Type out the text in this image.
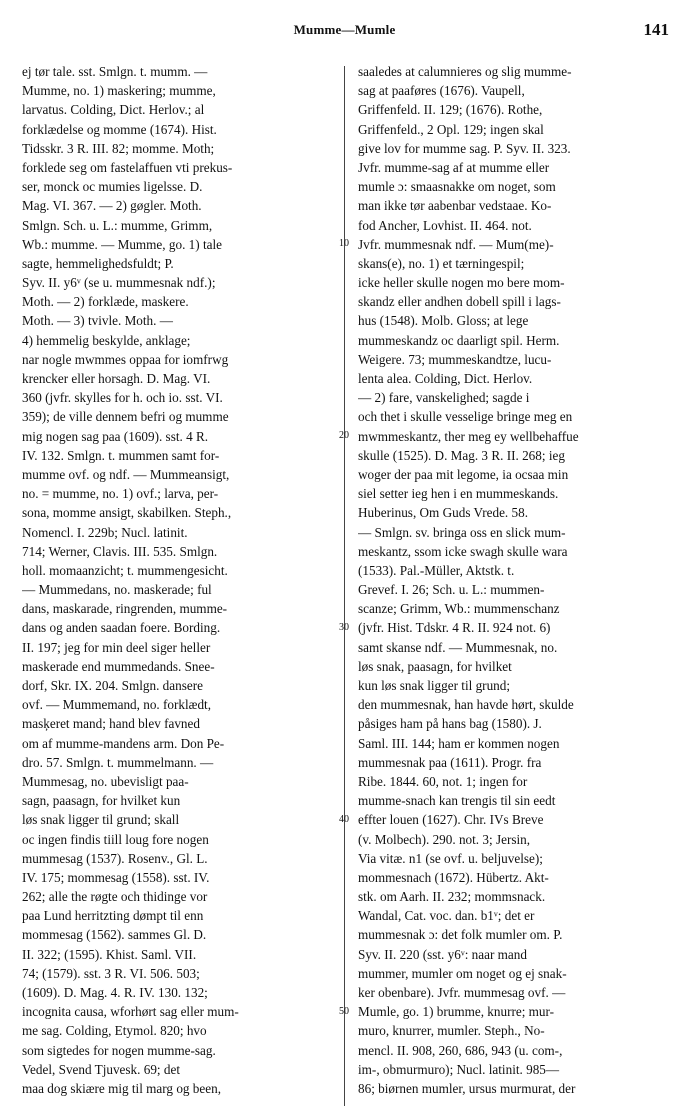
Mumme—Mumle	141
ej tør tale. sst. Smlgn. t. mumm. —
Mumme, no. 1) maskering; mumme,
larvatus. Colding, Dict. Herlov.; al
forklædelse og momme (1674). Hist.
Tidsskr. 3 R. III. 82; momme. Moth;
forklede seg om fastelaffuen vti prekus-
ser, monck oc mumies ligelsse. D.
Mag. VI. 367. — 2) gøgler. Moth.
Smlgn. Sch. u. L.: mumme, Grimm,
Wb.: mumme. — Mumme, go. 1) tale
sagte, hemmelighedsfuldt; P.
Syv. II. y6ᵛ (se u. mummesnak ndf.);
Moth. — 2) forklæde, maskere.
Moth. — 3) tvivle. Moth. —
4) hemmelig beskylde, anklage;
nar nogle mwmmes oppaa for iomfrwg
krencker eller horsagh. D. Mag. VI.
360 (jvfr. skylles for h. och io. sst. VI.
359); de ville dennem befri og mumme
mig nogen sag paa (1609). sst. 4 R.
IV. 132. Smlgn. t. mummen samt for-
mumme ovf. og ndf. — Mummeansigt,
no. = mumme, no. 1) ovf.; larva, per-
sona, momme ansigt, skabilken. Steph.,
Nomencl. I. 229b; Nucl. latinit.
714; Werner, Clavis. III. 535. Smlgn.
holl. momaanzicht; t. mummengesicht.
— Mummedans, no. maskerade; ful
dans, maskarade, ringrenden, mumme-
dans og anden saadan foere. Bording.
II. 197; jeg for min deel siger heller
maskerade end mummedands. Snee-
dorf, Skr. IX. 204. Smlgn. dansere
ovf. — Mummemand, no. forklædt,
masķeret mand; hand blev favned
om af mumme-mandens arm. Don Pe-
dro. 57. Smlgn. t. mummelmann. —
Mummesag, no. ubevisligt paa-
sagn, paasagn, for hvilket kun
løs snak ligger til grund; skall
oc ingen findis tiill loug fore nogen
mummesag (1537). Rosenv., Gl. L.
IV. 175; mommesag (1558). sst. IV.
262; alle the røgte och thidinge vor
paa Lund herritzting dømpt til enn
mommesag (1562). sammes Gl. D.
II. 322; (1595). Khist. Saml. VII.
74; (1579). sst. 3 R. VI. 506. 503;
(1609). D. Mag. 4. R. IV. 130. 132;
incognita causa, wforhørt sag eller mum-
me sag. Colding, Etymol. 820; hvo
som sigtedes for nogen mumme-sag.
Vedel, Svend Tjuvesk. 69; det
maa dog skiære mig til marg og been,
saaledes at calumnieres og slig mumme-
sag at paaføres (1676). Vaupell,
Griffenfeld. II. 129; (1676). Rothe,
Griffenfeld., 2 Opl. 129; ingen skal
give lov for mumme sag. P. Syv. II. 323.
Jvfr. mumme-sag af at mumme eller
mumle ɔ: smaasnakke om noget, som
man ikke tør aabenbar vedstaae. Ko-
fod Ancher, Lovhist. II. 464. not.
Jvfr. mummesnak ndf. — Mum(me)-
skans(e), no. 1) et tærningespil;
icke heller skulle nogen mo bere mom-
skandz eller andhen dobell spill i lags-
hus (1548). Molb. Gloss; at lege
mummeskandz oc daarligt spil. Herm.
Weigere. 73; mummeskandtze, lucu-
lenta alea. Colding, Dict. Herlov.
— 2) fare, vanskelighed; sagde i
och thet i skulle vesselige bringe meg en
mwmmeskantz, ther meg ey wellbehaffue
skulle (1525). D. Mag. 3 R. II. 268; ieg
woger der paa mit legome, ia ocsaa min
siel setter ieg hen i en mummeskands.
Huberinus, Om Guds Vrede. 58.
— Smlgn. sv. bringa oss en slick mum-
meskantz, ssom icke swagh skulle wara
(1533). Pal.-Müller, Aktstk. t.
Grevef. I. 26; Sch. u. L.: mummen-
scanze; Grimm, Wb.: mummenschanz
(jvfr. Hist. Tdskr. 4 R. II. 924 not. 6)
samt skanse ndf. — Mummesnak, no.
løs snak, paasagn, for hvilket
kun løs snak ligger til grund;
den mummesnak, han havde hørt, skulde
påsiges ham på hans bag (1580). J.
Saml. III. 144; ham er kommen nogen
mummesnak paa (1611). Progr. fra
Ribe. 1844. 60, not. 1; ingen for
mumme-snach kan trengis til sin eedt
effter louen (1627). Chr. IVs Breve
(v. Molbech). 290. not. 3; Jersin,
Via vitæ. n1 (se ovf. u. beljuvelse);
mommesnach (1672). Hübertz. Akt-
stk. om Aarh. II. 232; mommsnack.
Wandal, Cat. voc. dan. b1ᵛ; det er
mummesnak ɔ: det folk mumler om. P.
Syv. II. 220 (sst. y6ᵛ: naar mand
mummer, mumler om noget og ej snak-
ker obenbare). Jvfr. mummesag ovf. —
Mumle, go. 1) brumme, knurre; mur-
muro, knurrer, mumler. Steph., No-
mencl. II. 908, 260, 686, 943 (u. com-,
im-, obmurmuro); Nucl. latinit. 985—
86; biørnen mumler, ursus murmurat, der
10
20
30
40
50
